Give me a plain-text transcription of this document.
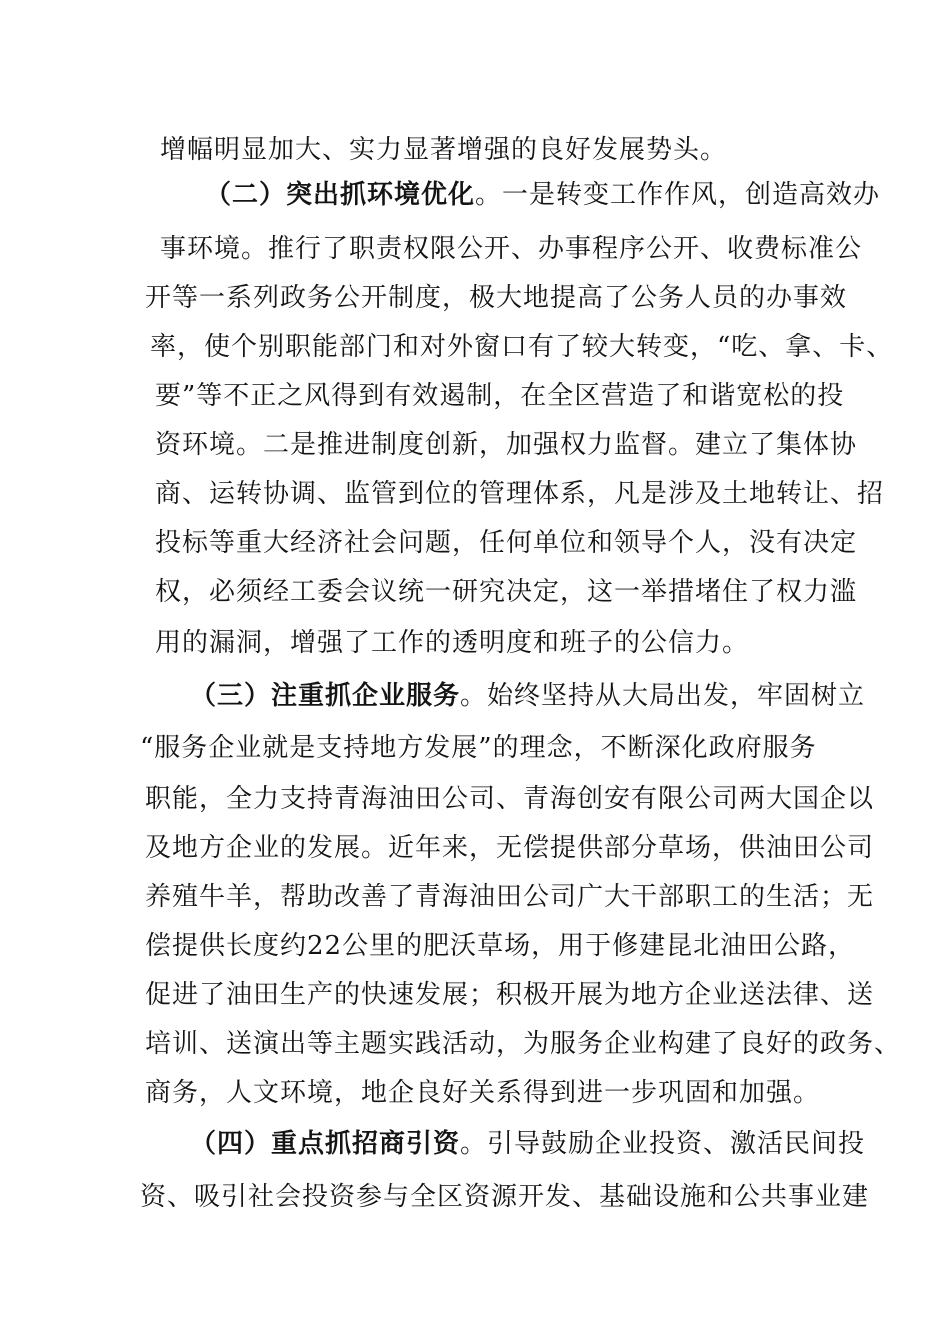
增幅明显加大、实力显著增强的良好发展势头。
（二）突出抓环境优化。一是转变工作作风，创造高效办
事环境。推行了职责权限公开、办事程序公开、收费标准公
开等一系列政务公开制度，极大地提高了公务人员的办事效
率，使个别职能部门和对外窗口有了较大转变，“吃、拿、卡、
要”等不正之风得到有效遏制，在全区营造了和谐宽松的投
资环境。二是推进制度创新，加强权力监督。建立了集体协
商、运转协调、监管到位的管理体系，凡是涉及土地转让、招
投标等重大经济社会问题，任何单位和领导个人，没有决定
权，必须经工委会议统一研究决定，这一举措堵住了权力滥
用的漏洞，增强了工作的透明度和班子的公信力。
（三）注重抓企业服务。始终坚持从大局出发，牢固树立
“服务企业就是支持地方发展”的理念，不断深化政府服务
职能，全力支持青海油田公司、青海创安有限公司两大国企以
及地方企业的发展。近年来，无偿提供部分草场，供油田公司
养殖牛羊，帮助改善了青海油田公司广大干部职工的生活；无
偿提供长度约22公里的肥沃草场，用于修建昆北油田公路，
促进了油田生产的快速发展；积极开展为地方企业送法律、送
培训、送演出等主题实践活动，为服务企业构建了良好的政务、
商务，人文环境，地企良好关系得到进一步巩固和加强。
（四）重点抓招商引资。引导鼓励企业投资、激活民间投
资、吸引社会投资参与全区资源开发、基础设施和公共事业建
